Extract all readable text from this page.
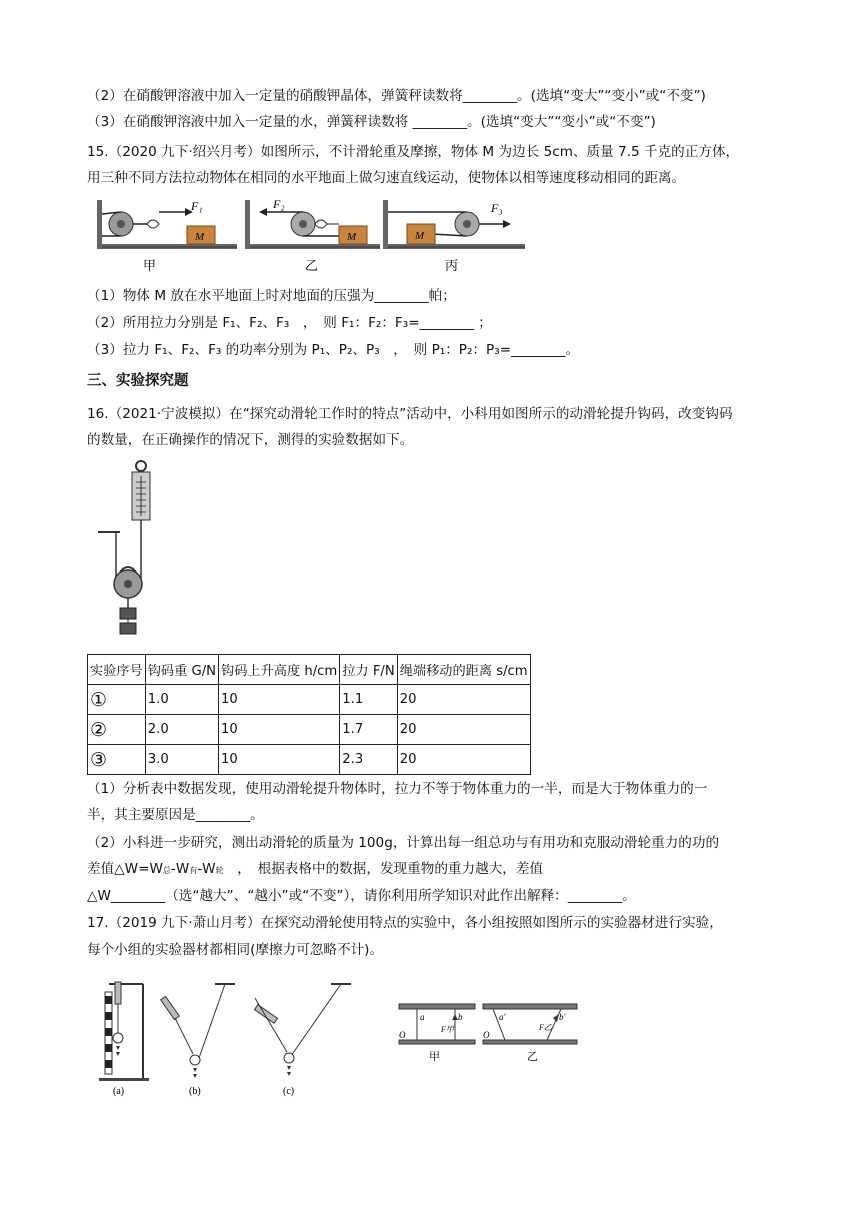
（2）在硝酸钾溶液中加入一定量的硝酸钾晶体，弹簧秤读数将________。(选填“变大”“变小”或“不变”)
（3）在硝酸钾溶液中加入一定量的水，弹簧秤读数将 ________。(选填“变大”“变小”或“不变”)
15.（2020 九下·绍兴月考）如图所示，不计滑轮重及摩擦，物体 M 为边长 5cm、质量 7.5 千克的正方体，
用三种不同方法拉动物体在相同的水平地面上做匀速直线运动，使物体以相等速度移动相同的距离。
F₁
M
甲
F₂
M
乙
M
F₃
丙
（1）物体 M 放在水平地面上时对地面的压强为________帕；
（2）所用拉力分别是 F₁、F₂、F₃　，　则 F₁：F₂：F₃=________ ；
（3）拉力 F₁、F₂、F₃ 的功率分别为 P₁、P₂、P₃　，　则 P₁：P₂：P₃=________。
三、实验探究题
16.（2021·宁波模拟）在“探究动滑轮工作时的特点”活动中，小科用如图所示的动滑轮提升钩码，改变钩码
的数量，在正确操作的情况下，测得的实验数据如下。
实验序号	钩码重 G/N	钩码上升高度 h/cm	拉力 F/N	绳端移动的距离 s/cm
①	1.0	10	1.1	20
②	2.0	10	1.7	20
③	3.0	10	2.3	20
（1）分析表中数据发现，使用动滑轮提升物体时，拉力不等于物体重力的一半，而是大于物体重力的一
半，其主要原因是________。
（2）小科进一步研究，测出动滑轮的质量为 100g，计算出每一组总功与有用功和克服动滑轮重力的功的
差值△W=W总-W有-W轮　，　根据表格中的数据，发现重物的重力越大，差值
△W________（选“越大”、“越小”或“不变”），请你利用所学知识对此作出解释：________。
17.（2019 九下·萧山月考）在探究动滑轮使用特点的实验中，各小组按照如图所示的实验器材进行实验，
每个小组的实验器材都相同(摩擦力可忽略不计)。
(a)	(b)	(c)
O
a	b
F甲
甲
O
a'	b'
F乙
乙
